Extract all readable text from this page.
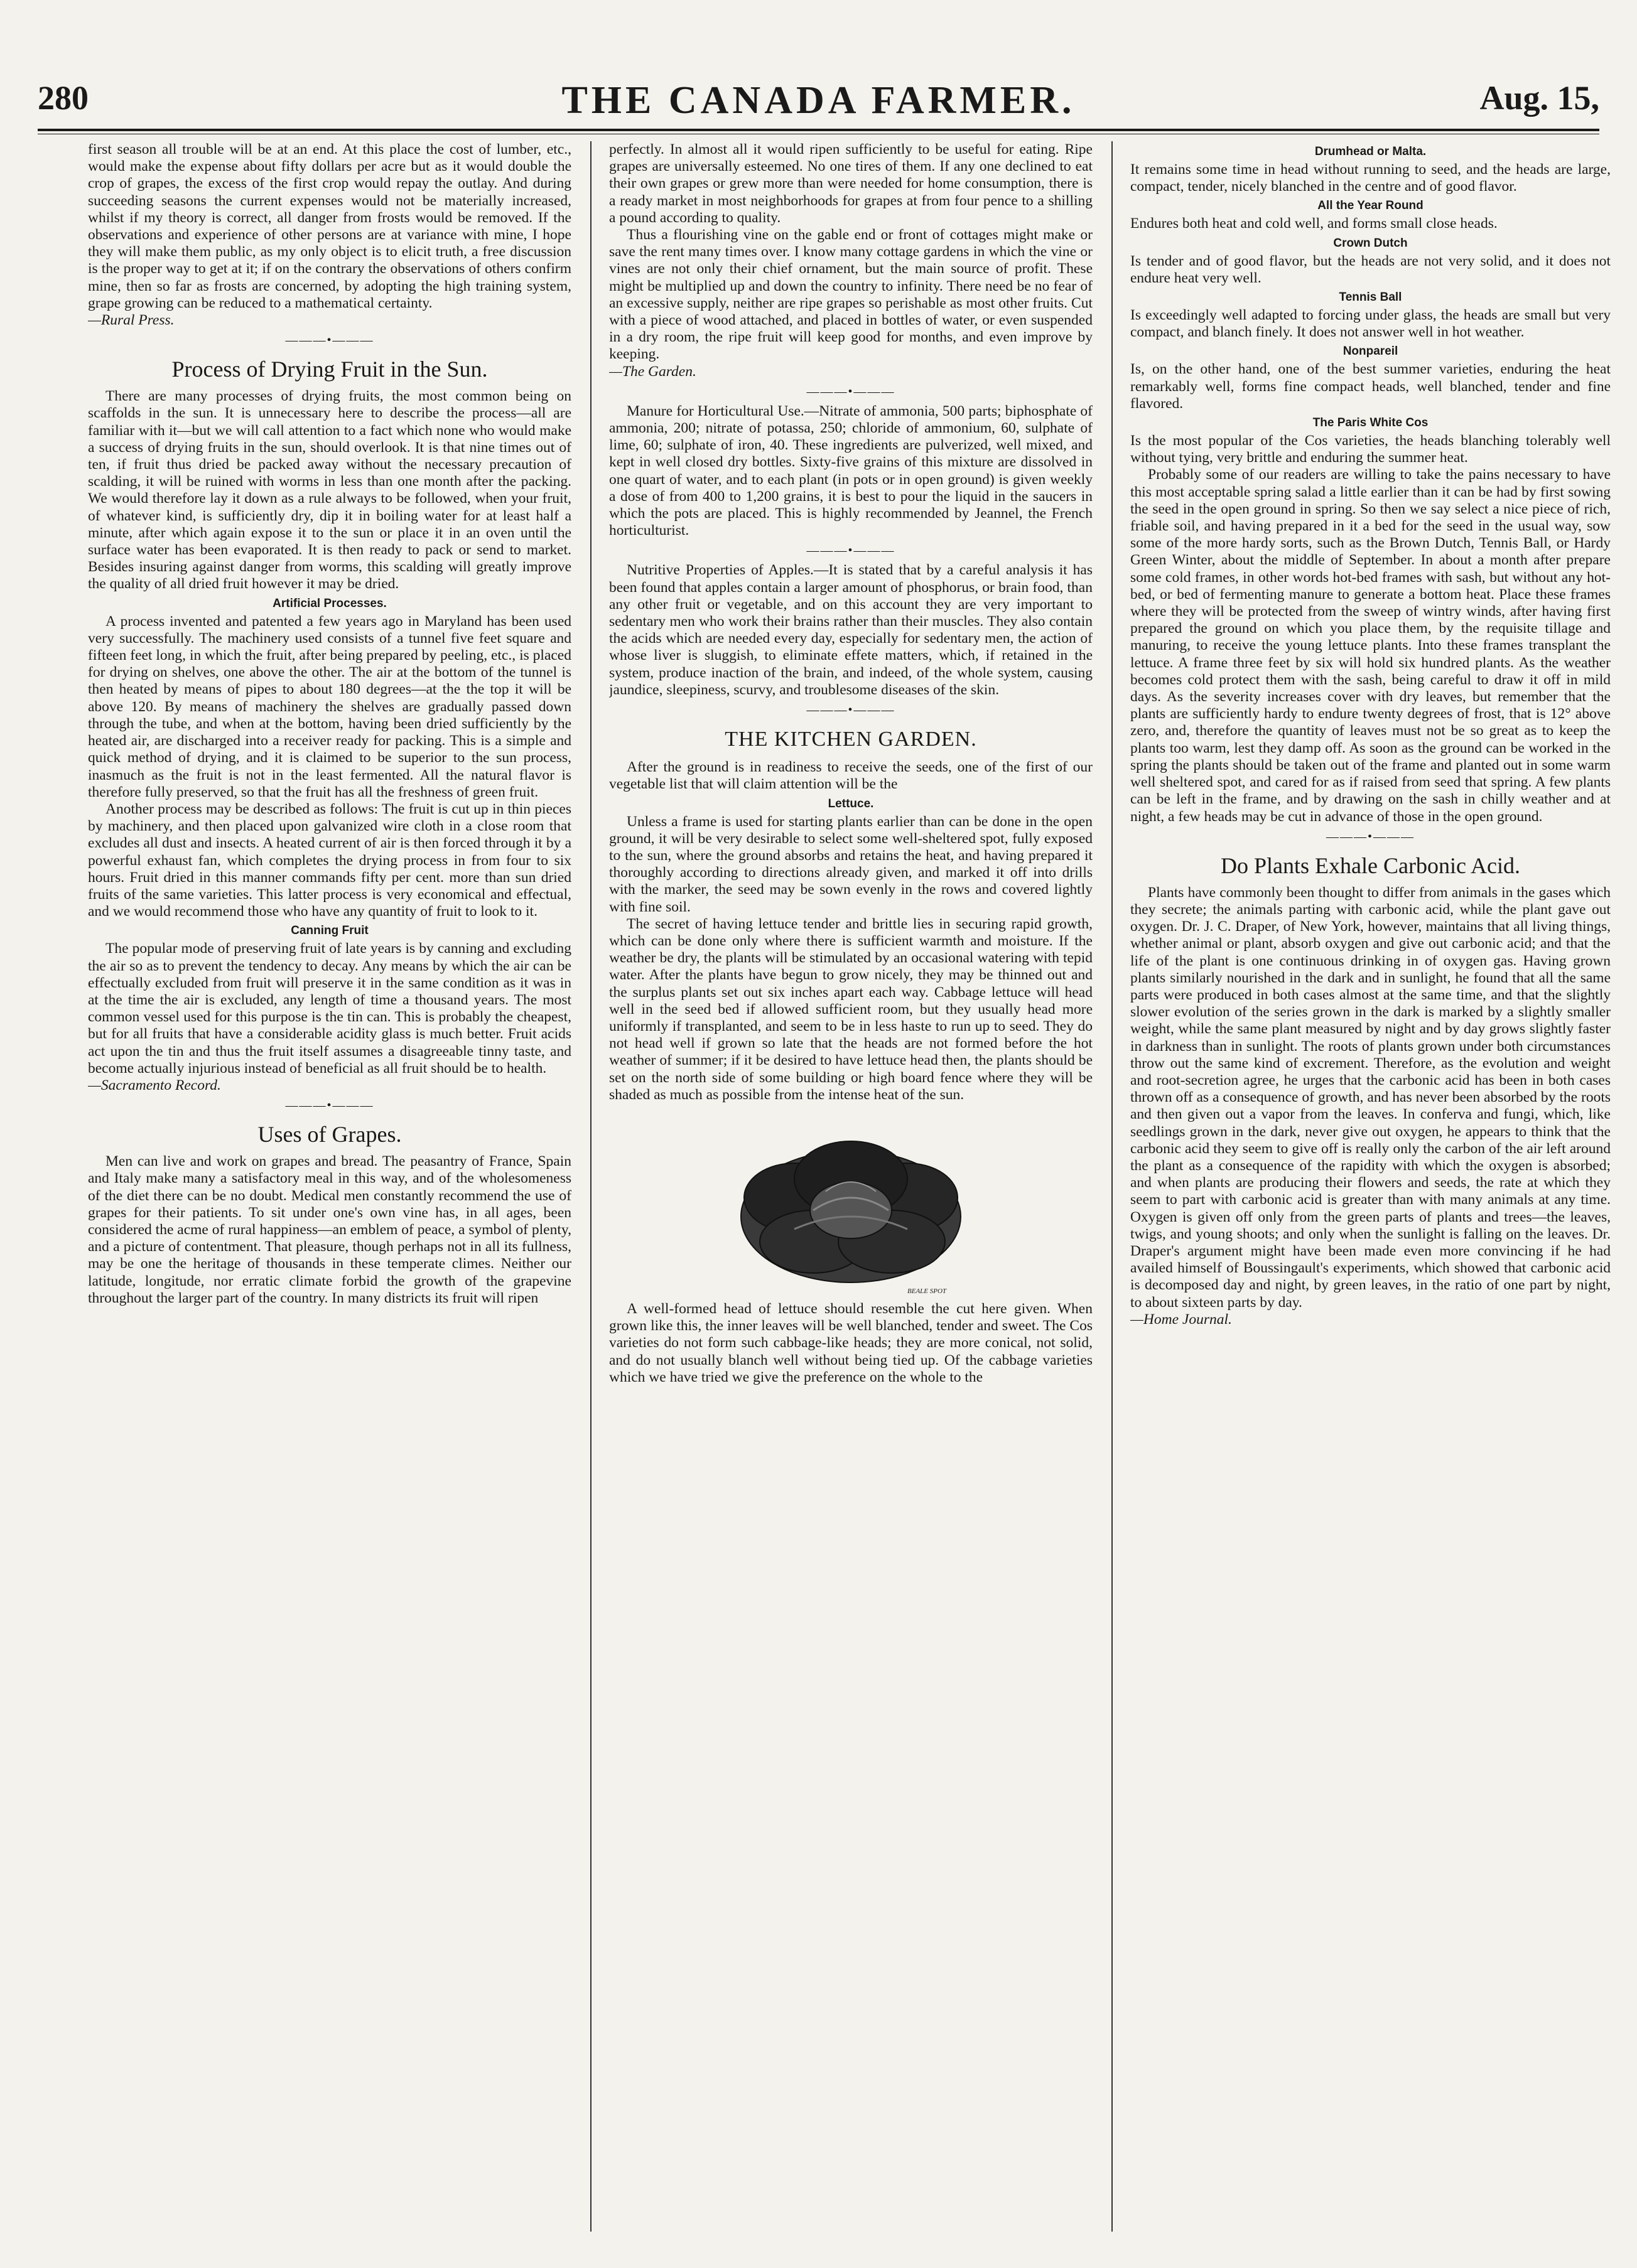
280	THE CANADA FARMER.	Aug. 15,

first season all trouble will be at an end. At this place the cost of lumber, etc., would make the expense about fifty dollars per acre but as it would double the crop of grapes, the excess of the first crop would repay the outlay. And during succeeding seasons the current expenses would not be materially increased, whilst if my theory is correct, all danger from frosts would be removed. If the observations and experience of other persons are at variance with mine, I hope they will make them public, as my only object is to elicit truth, a free discussion is the proper way to get at it; if on the contrary the observations of others confirm mine, then so far as frosts are concerned, by adopting the high training system, grape growing can be reduced to a mathematical certainty.

—Rural Press.

———•———
Process of Drying Fruit in the Sun.

There are many processes of drying fruits, the most common being on scaffolds in the sun. It is unnecessary here to describe the process—all are familiar with it—but we will call attention to a fact which none who would make a success of drying fruits in the sun, should overlook. It is that nine times out of ten, if fruit thus dried be packed away without the necessary precaution of scalding, it will be ruined with worms in less than one month after the packing. We would therefore lay it down as a rule always to be followed, when your fruit, of whatever kind, is sufficiently dry, dip it in boiling water for at least half a minute, after which again expose it to the sun or place it in an oven until the surface water has been evaporated. It is then ready to pack or send to market. Besides insuring against danger from worms, this scalding will greatly improve the quality of all dried fruit however it may be dried.

Artificial Processes.

A process invented and patented a few years ago in Maryland has been used very successfully. The machinery used consists of a tunnel five feet square and fifteen feet long, in which the fruit, after being prepared by peeling, etc., is placed for drying on shelves, one above the other. The air at the bottom of the tunnel is then heated by means of pipes to about 180 degrees—at the the top it will be above 120. By means of machinery the shelves are gradually passed down through the tube, and when at the bottom, having been dried sufficiently by the heated air, are discharged into a receiver ready for packing. This is a simple and quick method of drying, and it is claimed to be superior to the sun process, inasmuch as the fruit is not in the least fermented. All the natural flavor is therefore fully preserved, so that the fruit has all the freshness of green fruit.

Another process may be described as follows: The fruit is cut up in thin pieces by machinery, and then placed upon galvanized wire cloth in a close room that excludes all dust and insects. A heated current of air is then forced through it by a powerful exhaust fan, which completes the drying process in from four to six hours. Fruit dried in this manner commands fifty per cent. more than sun dried fruits of the same varieties. This latter process is very economical and effectual, and we would recommend those who have any quantity of fruit to look to it.

Canning Fruit

The popular mode of preserving fruit of late years is by canning and excluding the air so as to prevent the tendency to decay. Any means by which the air can be effectually excluded from fruit will preserve it in the same condition as it was in at the time the air is excluded, any length of time a thousand years. The most common vessel used for this purpose is the tin can. This is probably the cheapest, but for all fruits that have a considerable acidity glass is much better. Fruit acids act upon the tin and thus the fruit itself assumes a disagreeable tinny taste, and become actually injurious instead of beneficial as all fruit should be to health.

—Sacramento Record.

———•———
Uses of Grapes.

Men can live and work on grapes and bread. The peasantry of France, Spain and Italy make many a satisfactory meal in this way, and of the wholesomeness of the diet there can be no doubt. Medical men constantly recommend the use of grapes for their patients. To sit under one's own vine has, in all ages, been considered the acme of rural happiness—an emblem of peace, a symbol of plenty, and a picture of contentment. That pleasure, though perhaps not in all its fullness, may be one the heritage of thousands in these temperate climes. Neither our latitude, longitude, nor erratic climate forbid the growth of the grapevine throughout the larger part of the country. In many districts its fruit will ripen

perfectly. In almost all it would ripen sufficiently to be useful for eating. Ripe grapes are universally esteemed. No one tires of them. If any one declined to eat their own grapes or grew more than were needed for home consumption, there is a ready market in most neighborhoods for grapes at from four pence to a shilling a pound according to quality.

Thus a flourishing vine on the gable end or front of cottages might make or save the rent many times over. I know many cottage gardens in which the vine or vines are not only their chief ornament, but the main source of profit. These might be multiplied up and down the country to infinity. There need be no fear of an excessive supply, neither are ripe grapes so perishable as most other fruits. Cut with a piece of wood attached, and placed in bottles of water, or even suspended in a dry room, the ripe fruit will keep good for months, and even improve by keeping.

—The Garden.

———•———

Manure for Horticultural Use.—Nitrate of ammonia, 500 parts; biphosphate of ammonia, 200; nitrate of potassa, 250; chloride of ammonium, 60, sulphate of lime, 60; sulphate of iron, 40. These ingredients are pulverized, well mixed, and kept in well closed dry bottles. Sixty-five grains of this mixture are dissolved in one quart of water, and to each plant (in pots or in open ground) is given weekly a dose of from 400 to 1,200 grains, it is best to pour the liquid in the saucers in which the pots are placed. This is highly recommended by Jeannel, the French horticulturist.

———•———

Nutritive Properties of Apples.—It is stated that by a careful analysis it has been found that apples contain a larger amount of phosphorus, or brain food, than any other fruit or vegetable, and on this account they are very important to sedentary men who work their brains rather than their muscles. They also contain the acids which are needed every day, especially for sedentary men, the action of whose liver is sluggish, to eliminate effete matters, which, if retained in the system, produce inaction of the brain, and indeed, of the whole system, causing jaundice, sleepiness, scurvy, and troublesome diseases of the skin.

———•———
THE KITCHEN GARDEN.

After the ground is in readiness to receive the seeds, one of the first of our vegetable list that will claim attention will be the

Lettuce.

Unless a frame is used for starting plants earlier than can be done in the open ground, it will be very desirable to select some well-sheltered spot, fully exposed to the sun, where the ground absorbs and retains the heat, and having prepared it thoroughly according to directions already given, and marked it off into drills with the marker, the seed may be sown evenly in the rows and covered lightly with fine soil.

The secret of having lettuce tender and brittle lies in securing rapid growth, which can be done only where there is sufficient warmth and moisture. If the weather be dry, the plants will be stimulated by an occasional watering with tepid water. After the plants have begun to grow nicely, they may be thinned out and the surplus plants set out six inches apart each way. Cabbage lettuce will head well in the seed bed if allowed sufficient room, but they usually head more uniformly if transplanted, and seem to be in less haste to run up to seed. They do not head well if grown so late that the heads are not formed before the hot weather of summer; if it be desired to have lettuce head then, the plants should be set on the north side of some building or high board fence where they will be shaded as much as possible from the intense heat of the sun.

BEALE SPOT

A well-formed head of lettuce should resemble the cut here given. When grown like this, the inner leaves will be well blanched, tender and sweet. The Cos varieties do not form such cabbage-like heads; they are more conical, not solid, and do not usually blanch well without being tied up. Of the cabbage varieties which we have tried we give the preference on the whole to the

Drumhead or Malta.

It remains some time in head without running to seed, and the heads are large, compact, tender, nicely blanched in the centre and of good flavor.

All the Year Round

Endures both heat and cold well, and forms small close heads.

Crown Dutch

Is tender and of good flavor, but the heads are not very solid, and it does not endure heat very well.

Tennis Ball

Is exceedingly well adapted to forcing under glass, the heads are small but very compact, and blanch finely. It does not answer well in hot weather.

Nonpareil

Is, on the other hand, one of the best summer varieties, enduring the heat remarkably well, forms fine compact heads, well blanched, tender and fine flavored.

The Paris White Cos

Is the most popular of the Cos varieties, the heads blanching tolerably well without tying, very brittle and enduring the summer heat.

Probably some of our readers are willing to take the pains necessary to have this most acceptable spring salad a little earlier than it can be had by first sowing the seed in the open ground in spring. So then we say select a nice piece of rich, friable soil, and having prepared in it a bed for the seed in the usual way, sow some of the more hardy sorts, such as the Brown Dutch, Tennis Ball, or Hardy Green Winter, about the middle of September. In about a month after prepare some cold frames, in other words hot-bed frames with sash, but without any hot-bed, or bed of fermenting manure to generate a bottom heat. Place these frames where they will be protected from the sweep of wintry winds, after having first prepared the ground on which you place them, by the requisite tillage and manuring, to receive the young lettuce plants. Into these frames transplant the lettuce. A frame three feet by six will hold six hundred plants. As the weather becomes cold protect them with the sash, being careful to draw it off in mild days. As the severity increases cover with dry leaves, but remember that the plants are sufficiently hardy to endure twenty degrees of frost, that is 12° above zero, and, therefore the quantity of leaves must not be so great as to keep the plants too warm, lest they damp off. As soon as the ground can be worked in the spring the plants should be taken out of the frame and planted out in some warm well sheltered spot, and cared for as if raised from seed that spring. A few plants can be left in the frame, and by drawing on the sash in chilly weather and at night, a few heads may be cut in advance of those in the open ground.

———•———
Do Plants Exhale Carbonic Acid.

Plants have commonly been thought to differ from animals in the gases which they secrete; the animals parting with carbonic acid, while the plant gave out oxygen. Dr. J. C. Draper, of New York, however, maintains that all living things, whether animal or plant, absorb oxygen and give out carbonic acid; and that the life of the plant is one continuous drinking in of oxygen gas. Having grown plants similarly nourished in the dark and in sunlight, he found that all the same parts were produced in both cases almost at the same time, and that the slightly slower evolution of the series grown in the dark is marked by a slightly smaller weight, while the same plant measured by night and by day grows slightly faster in darkness than in sunlight. The roots of plants grown under both circumstances throw out the same kind of excrement. Therefore, as the evolution and weight and root-secretion agree, he urges that the carbonic acid has been in both cases thrown off as a consequence of growth, and has never been absorbed by the roots and then given out a vapor from the leaves. In conferva and fungi, which, like seedlings grown in the dark, never give out oxygen, he appears to think that the carbonic acid they seem to give off is really only the carbon of the air left around the plant as a consequence of the rapidity with which the oxygen is absorbed; and when plants are producing their flowers and seeds, the rate at which they seem to part with carbonic acid is greater than with many animals at any time. Oxygen is given off only from the green parts of plants and trees—the leaves, twigs, and young shoots; and only when the sunlight is falling on the leaves. Dr. Draper's argument might have been made even more convincing if he had availed himself of Boussingault's experiments, which showed that carbonic acid is decomposed day and night, by green leaves, in the ratio of one part by night, to about sixteen parts by day.

—Home Journal.
